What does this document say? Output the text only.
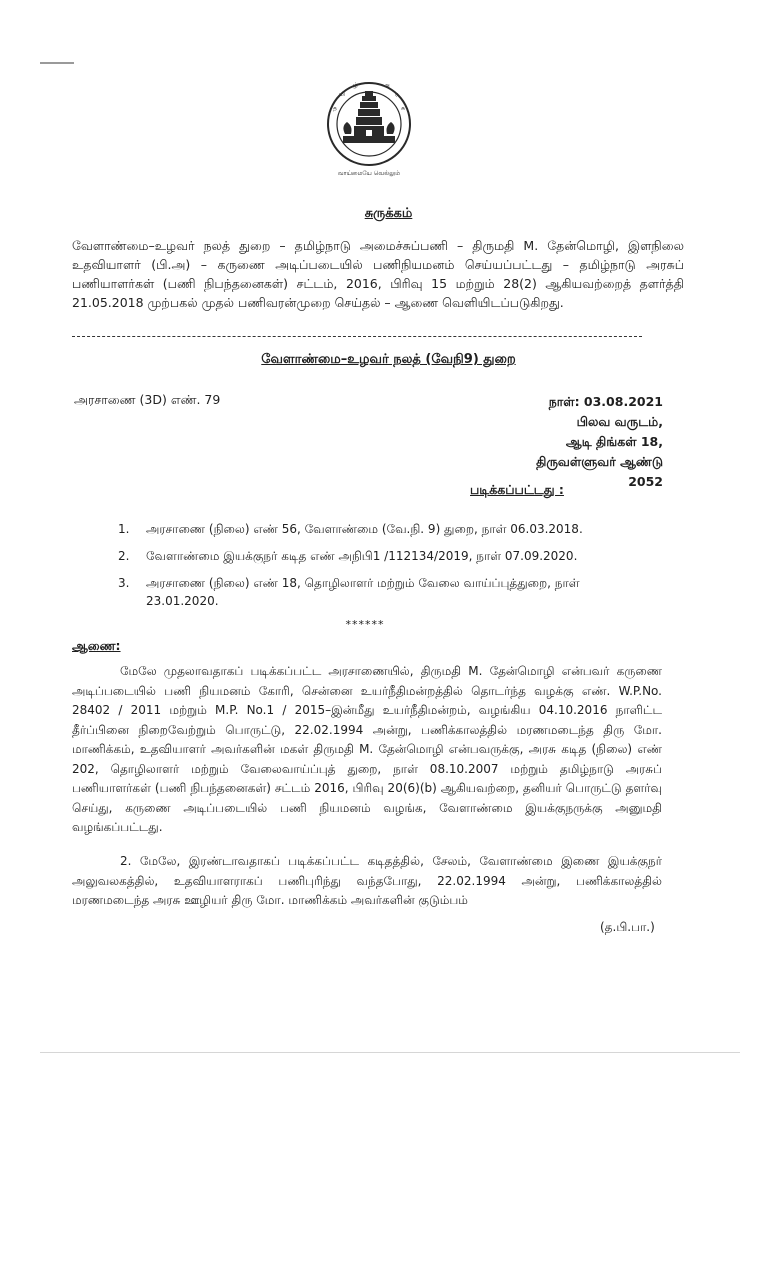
த
மி
ழ்	அ
ர
சு
வாய்மையே வெல்லும்
சுருக்கம்
வேளாண்மை–உழவர் நலத் துறை – தமிழ்நாடு அமைச்சுப்பணி – திருமதி M. தேன்மொழி, இளநிலை உதவியாளர் (பி.அ) – கருணை அடிப்படையில் பணிநியமனம் செய்யப்பட்டது – தமிழ்நாடு அரசுப் பணியாளர்கள் (பணி நிபந்தனைகள்) சட்டம், 2016, பிரிவு 15 மற்றும் 28(2) ஆகியவற்றைத் தளர்த்தி 21.05.2018 முற்பகல் முதல் பணிவரன்முறை செய்தல் – ஆணை வெளியிடப்படுகிறது.
வேளாண்மை–உழவர் நலத் (வேநி9) துறை
அரசாணை (3D) எண். 79	நாள்: 03.08.2021
பிலவ வருடம்,
ஆடி திங்கள் 18,
திருவள்ளுவர் ஆண்டு 2052
படிக்கப்பட்டது :
1.	அரசாணை (நிலை) எண் 56, வேளாண்மை (வே.நி. 9) துறை, நாள் 06.03.2018.
2.	வேளாண்மை இயக்குநர் கடித எண் அநிபி1 /112134/2019, நாள் 07.09.2020.
3.	அரசாணை (நிலை) எண் 18, தொழிலாளர் மற்றும் வேலை வாய்ப்புத்துறை, நாள் 23.01.2020.
******
ஆணை:
மேலே முதலாவதாகப் படிக்கப்பட்ட அரசாணையில், திருமதி M. தேன்மொழி என்பவர் கருணை அடிப்படையில் பணி நியமனம் கோரி, சென்னை உயர்நீதிமன்றத்தில் தொடர்ந்த வழக்கு எண். W.P.No. 28402 / 2011 மற்றும் M.P. No.1 / 2015–இன்மீது உயர்நீதிமன்றம், வழங்கிய 04.10.2016 நாளிட்ட தீர்ப்பினை நிறைவேற்றும் பொருட்டு, 22.02.1994 அன்று, பணிக்காலத்தில் மரணமடைந்த திரு மோ. மாணிக்கம், உதவியாளர் அவர்களின் மகள் திருமதி M. தேன்மொழி என்பவருக்கு, அரசு கடித (நிலை) எண் 202, தொழிலாளர் மற்றும் வேலைவாய்ப்புத் துறை, நாள் 08.10.2007 மற்றும் தமிழ்நாடு அரசுப் பணியாளர்கள் (பணி நிபந்தனைகள்) சட்டம் 2016, பிரிவு 20(6)(b) ஆகியவற்றை, தனியர் பொருட்டு தளர்வு செய்து, கருணை அடிப்படையில் பணி நியமனம் வழங்க, வேளாண்மை இயக்குநருக்கு அனுமதி வழங்கப்பட்டது.
2. மேலே, இரண்டாவதாகப் படிக்கப்பட்ட கடிதத்தில், சேலம், வேளாண்மை இணை இயக்குநர் அலுவலகத்தில், உதவியாளராகப் பணிபுரிந்து வந்தபோது, 22.02.1994 அன்று, பணிக்காலத்தில் மரணமடைந்த அரசு ஊழியர் திரு மோ. மாணிக்கம் அவர்களின் குடும்பம்
(த.பி.பா.)
